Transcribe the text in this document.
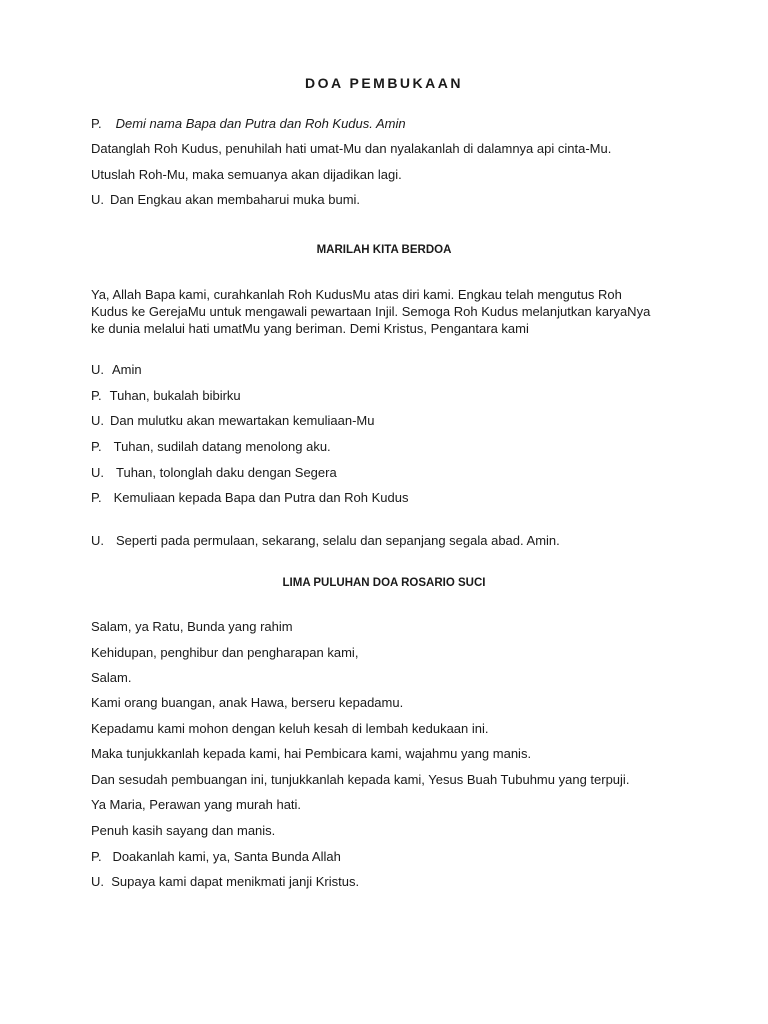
DOA PEMBUKAAN
P. Demi nama Bapa dan Putra dan Roh Kudus. Amin
Datanglah Roh Kudus, penuhilah hati umat-Mu dan nyalakanlah di dalamnya api cinta-Mu.
Utuslah Roh-Mu, maka semuanya akan dijadikan lagi.
U. Dan Engkau akan membaharui muka bumi.
MARILAH KITA BERDOA
Ya, Allah Bapa kami, curahkanlah Roh KudusMu atas diri kami. Engkau telah mengutus Roh
Kudus ke GerejaMu untuk mengawali pewartaan Injil. Semoga Roh Kudus melanjutkan karyaNya
ke dunia melalui hati umatMu yang beriman. Demi Kristus, Pengantara kami
U. Amin
P. Tuhan, bukalah bibirku
U. Dan mulutku akan mewartakan kemuliaan-Mu
P. Tuhan, sudilah datang menolong aku.
U. Tuhan, tolonglah daku dengan Segera
P. Kemuliaan kepada Bapa dan Putra dan Roh Kudus
U. Seperti pada permulaan, sekarang, selalu dan sepanjang segala abad. Amin.
LIMA PULUHAN DOA ROSARIO SUCI
Salam, ya Ratu, Bunda yang rahim
Kehidupan, penghibur dan pengharapan kami,
Salam.
Kami orang buangan, anak Hawa, berseru kepadamu.
Kepadamu kami mohon dengan keluh kesah di lembah kedukaan ini.
Maka tunjukkanlah kepada kami, hai Pembicara kami, wajahmu yang manis.
Dan sesudah pembuangan ini, tunjukkanlah kepada kami, Yesus Buah Tubuhmu yang terpuji.
Ya Maria, Perawan yang murah hati.
Penuh kasih sayang dan manis.
P.   Doakanlah kami, ya, Santa Bunda Allah
U.  Supaya kami dapat menikmati janji Kristus.
